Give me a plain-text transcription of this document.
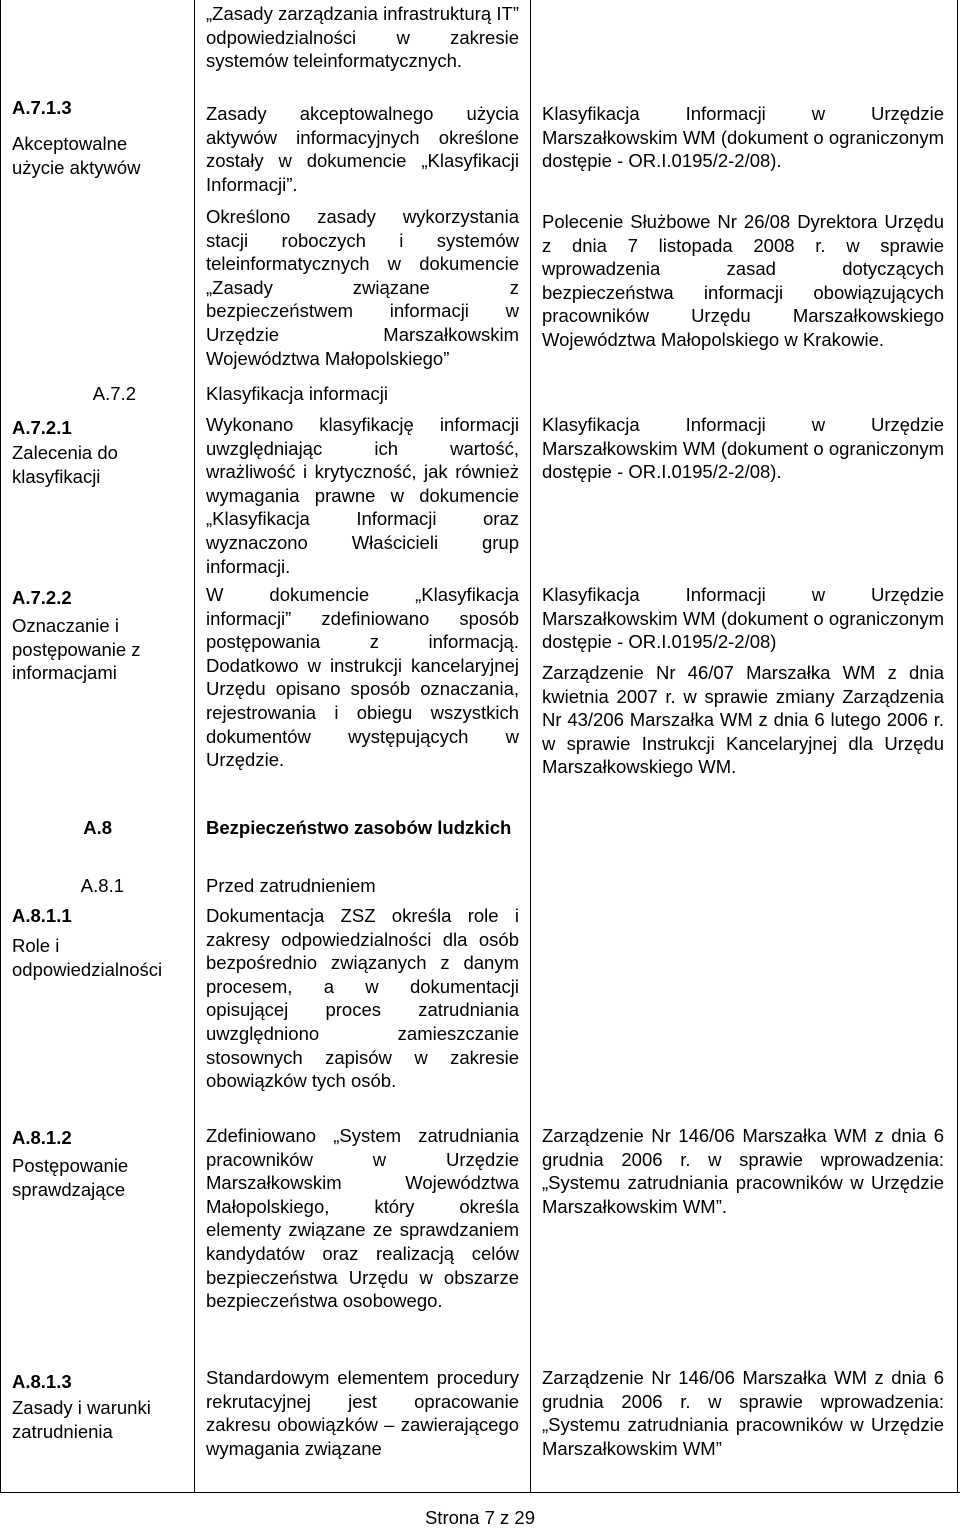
A.7.1.3
Akceptowalne użycie aktywów
A.7.2
A.7.2.1
Zalecenia do klasyfikacji
A.7.2.2
Oznaczanie i postępowanie z informacjami
A.8
A.8.1
A.8.1.1
Role i odpowiedzialności
A.8.1.2
Postępowanie sprawdzające
A.8.1.3
Zasady i warunki zatrudnienia
„Zasady zarządzania infrastrukturą IT” odpowiedzialności w zakresie systemów teleinformatycznych.
Zasady akceptowalnego użycia aktywów informacyjnych określone zostały w dokumencie „Klasyfikacji Informacji”.
Określono zasady wykorzystania stacji roboczych i systemów teleinformatycznych w dokumencie „Zasady związane z bezpieczeństwem informacji w Urzędzie Marszałkowskim Województwa Małopolskiego”
Klasyfikacja informacji
Wykonano klasyfikację informacji uwzględniając ich wartość, wrażliwość i krytyczność, jak również wymagania prawne w dokumencie „Klasyfikacja Informacji oraz wyznaczono Właścicieli grup informacji.
W dokumencie „Klasyfikacja informacji” zdefiniowano sposób postępowania z informacją. Dodatkowo w instrukcji kancelaryjnej Urzędu opisano sposób oznaczania, rejestrowania i obiegu wszystkich dokumentów występujących w Urzędzie.
Bezpieczeństwo zasobów ludzkich
Przed zatrudnieniem
Dokumentacja ZSZ określa role i zakresy odpowiedzialności dla osób bezpośrednio związanych z danym procesem, a w dokumentacji opisującej proces zatrudniania uwzględniono zamieszczanie stosownych zapisów w zakresie obowiązków tych osób.
Zdefiniowano „System zatrudniania pracowników w Urzędzie Marszałkowskim Województwa Małopolskiego, który określa elementy związane ze sprawdzaniem kandydatów oraz realizacją celów bezpieczeństwa Urzędu w obszarze bezpieczeństwa osobowego.
Standardowym elementem procedury rekrutacyjnej jest opracowanie zakresu obowiązków – zawierającego wymagania związane
Klasyfikacja Informacji w Urzędzie Marszałkowskim WM (dokument o ograniczonym dostępie - OR.I.0195/2-2/08).
Polecenie Służbowe Nr 26/08 Dyrektora Urzędu z dnia 7 listopada 2008 r. w sprawie wprowadzenia zasad dotyczących bezpieczeństwa informacji obowiązujących pracowników Urzędu Marszałkowskiego Województwa Małopolskiego w Krakowie.
Klasyfikacja Informacji w Urzędzie Marszałkowskim WM (dokument o ograniczonym dostępie - OR.I.0195/2-2/08).
Klasyfikacja Informacji w Urzędzie Marszałkowskim WM (dokument o ograniczonym dostępie - OR.I.0195/2-2/08)
Zarządzenie Nr 46/07 Marszałka WM z dnia kwietnia 2007 r. w sprawie zmiany Zarządzenia Nr 43/206 Marszałka WM z dnia 6 lutego 2006 r. w sprawie Instrukcji Kancelaryjnej dla Urzędu Marszałkowskiego WM.
Zarządzenie Nr 146/06 Marszałka WM z dnia 6 grudnia 2006 r. w sprawie wprowadzenia: „Systemu zatrudniania pracowników w Urzędzie Marszałkowskim WM”.
Zarządzenie Nr 146/06 Marszałka WM z dnia 6 grudnia 2006 r. w sprawie wprowadzenia: „Systemu zatrudniania pracowników w Urzędzie Marszałkowskim WM”
Strona 7 z 29
